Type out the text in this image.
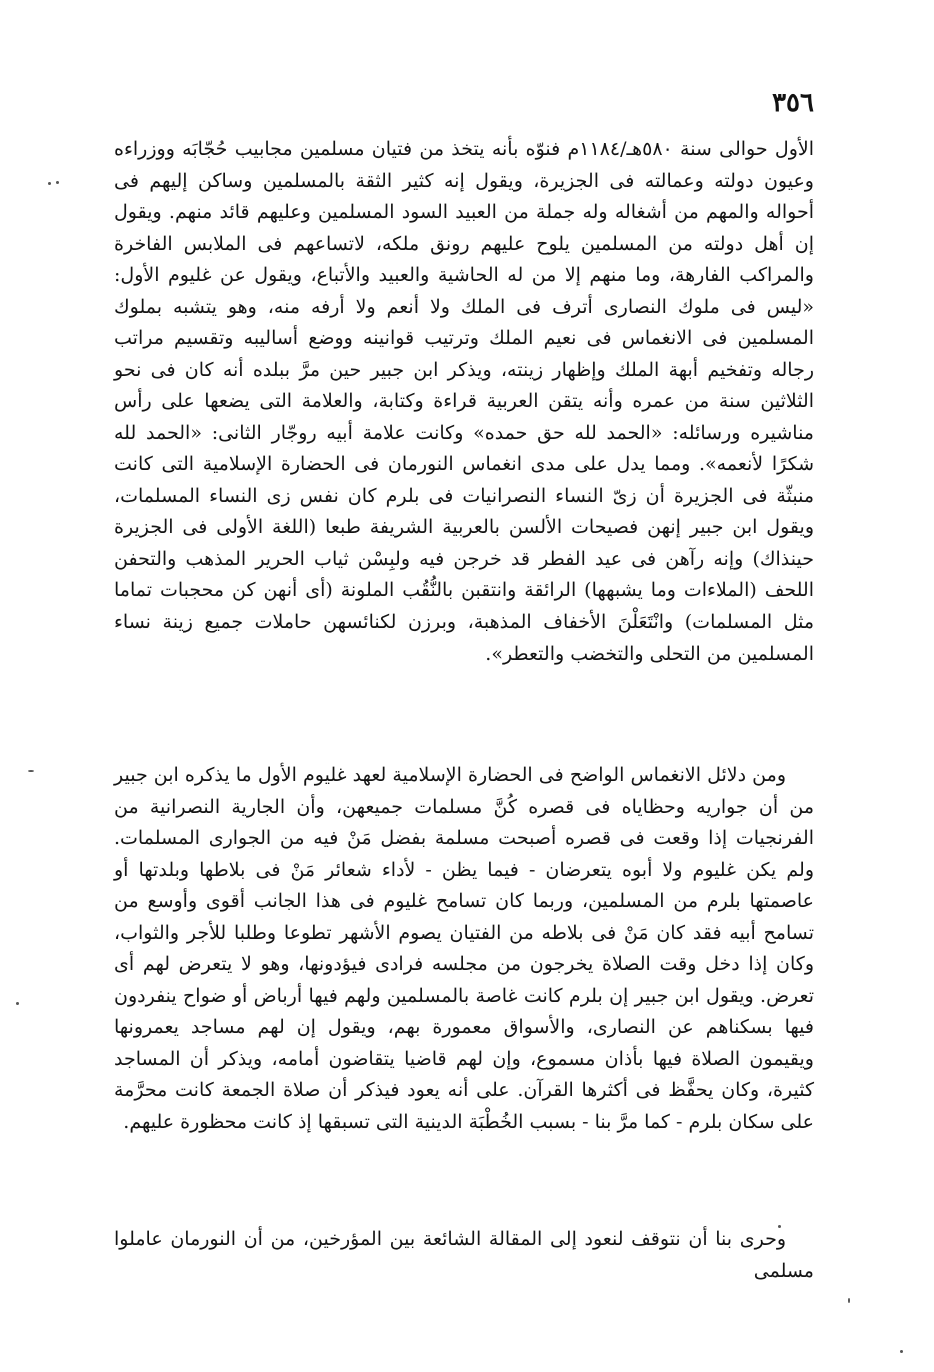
٣٥٦

الأول حوالى سنة ٥٨٠هـ/١١٨٤م فنوّه بأنه يتخذ من فتيان مسلمين مجابيب حُجّابَه ووزراءه وعيون دولته وعمالته فى الجزيرة، ويقول إنه كثير الثقة بالمسلمين وساكن إليهم فى أحواله والمهم من أشغاله وله جملة من العبيد السود المسلمين وعليهم قائد منهم. ويقول إن أهل دولته من المسلمين يلوح عليهم رونق ملكه، لاتساعهم فى الملابس الفاخرة والمراكب الفارهة، وما منهم إلا من له الحاشية والعبيد والأتباع، ويقول عن غليوم الأول: «ليس فى ملوك النصارى أترف فى الملك ولا أنعم ولا أرفه منه، وهو يتشبه بملوك المسلمين فى الانغماس فى نعيم الملك وترتيب قوانينه ووضع أساليبه وتقسيم مراتب رجاله وتفخيم أبهة الملك وإظهار زينته، ويذكر ابن جبير حين مرَّ ببلده أنه كان فى نحو الثلاثين سنة من عمره وأنه يتقن العربية قراءة وكتابة، والعلامة التى يضعها على رأس مناشيره ورسائله: «الحمد لله حق حمده» وكانت علامة أبيه روجّار الثانى: «الحمد لله شكرًا لأنعمه». ومما يدل على مدى انغماس النورمان فى الحضارة الإسلامية التى كانت منبثّة فى الجزيرة أن زىّ النساء النصرانيات فى بلرم كان نفس زى النساء المسلمات، ويقول ابن جبير إنهن فصيحات الألسن بالعربية الشريفة طبعا (اللغة الأولى فى الجزيرة حينذاك) وإنه رآهن فى عيد الفطر قد خرجن فيه ولبِسْن ثياب الحرير المذهب والتحفن اللحف (الملاءات وما يشبهها) الرائقة وانتقبن بالنُّقُب الملونة (أى أنهن كن محجبات تماما مثل المسلمات) وانْتَعَلْنَ الأخفاف المذهبة، وبرزن لكنائسهن حاملات جميع زينة نساء المسلمين من التحلى والتخضب والتعطر».

ومن دلائل الانغماس الواضح فى الحضارة الإسلامية لعهد غليوم الأول ما يذكره ابن جبير من أن جواريه وحظاياه فى قصره كُنَّ مسلمات جميعهن، وأن الجارية النصرانية من الفرنجيات إذا وقعت فى قصره أصبحت مسلمة بفضل مَنْ فيه من الجوارى المسلمات. ولم يكن غليوم ولا أبوه يتعرضان - فيما يظن - لأداء شعائر مَنْ فى بلاطها وبلدتها أو عاصمتها بلرم من المسلمين، وربما كان تسامح غليوم فى هذا الجانب أقوى وأوسع من تسامح أبيه فقد كان مَنْ فى بلاطه من الفتيان يصوم الأشهر تطوعا وطلبا للأجر والثواب، وكان إذا دخل وقت الصلاة يخرجون من مجلسه فرادى فيؤدونها، وهو لا يتعرض لهم أى تعرض. ويقول ابن جبير إن بلرم كانت غاصة بالمسلمين ولهم فيها أرباض أو ضواح ينفردون فيها بسكناهم عن النصارى، والأسواق معمورة بهم، ويقول إن لهم مساجد يعمرونها ويقيمون الصلاة فيها بأذان مسموع، وإن لهم قاضيا يتقاضون أمامه، ويذكر أن المساجد كثيرة، وكان يحفَّظ فى أكثرها القرآن. على أنه يعود فيذكر أن صلاة الجمعة كانت محرَّمة على سكان بلرم - كما مرَّ بنا - بسبب الخُطْبَة الدينية التى تسبقها إذ كانت محظورة عليهم.

وحرى بنا أن نتوقف لنعود إلى المقالة الشائعة بين المؤرخين، من أن النورمان عاملوا مسلمى
